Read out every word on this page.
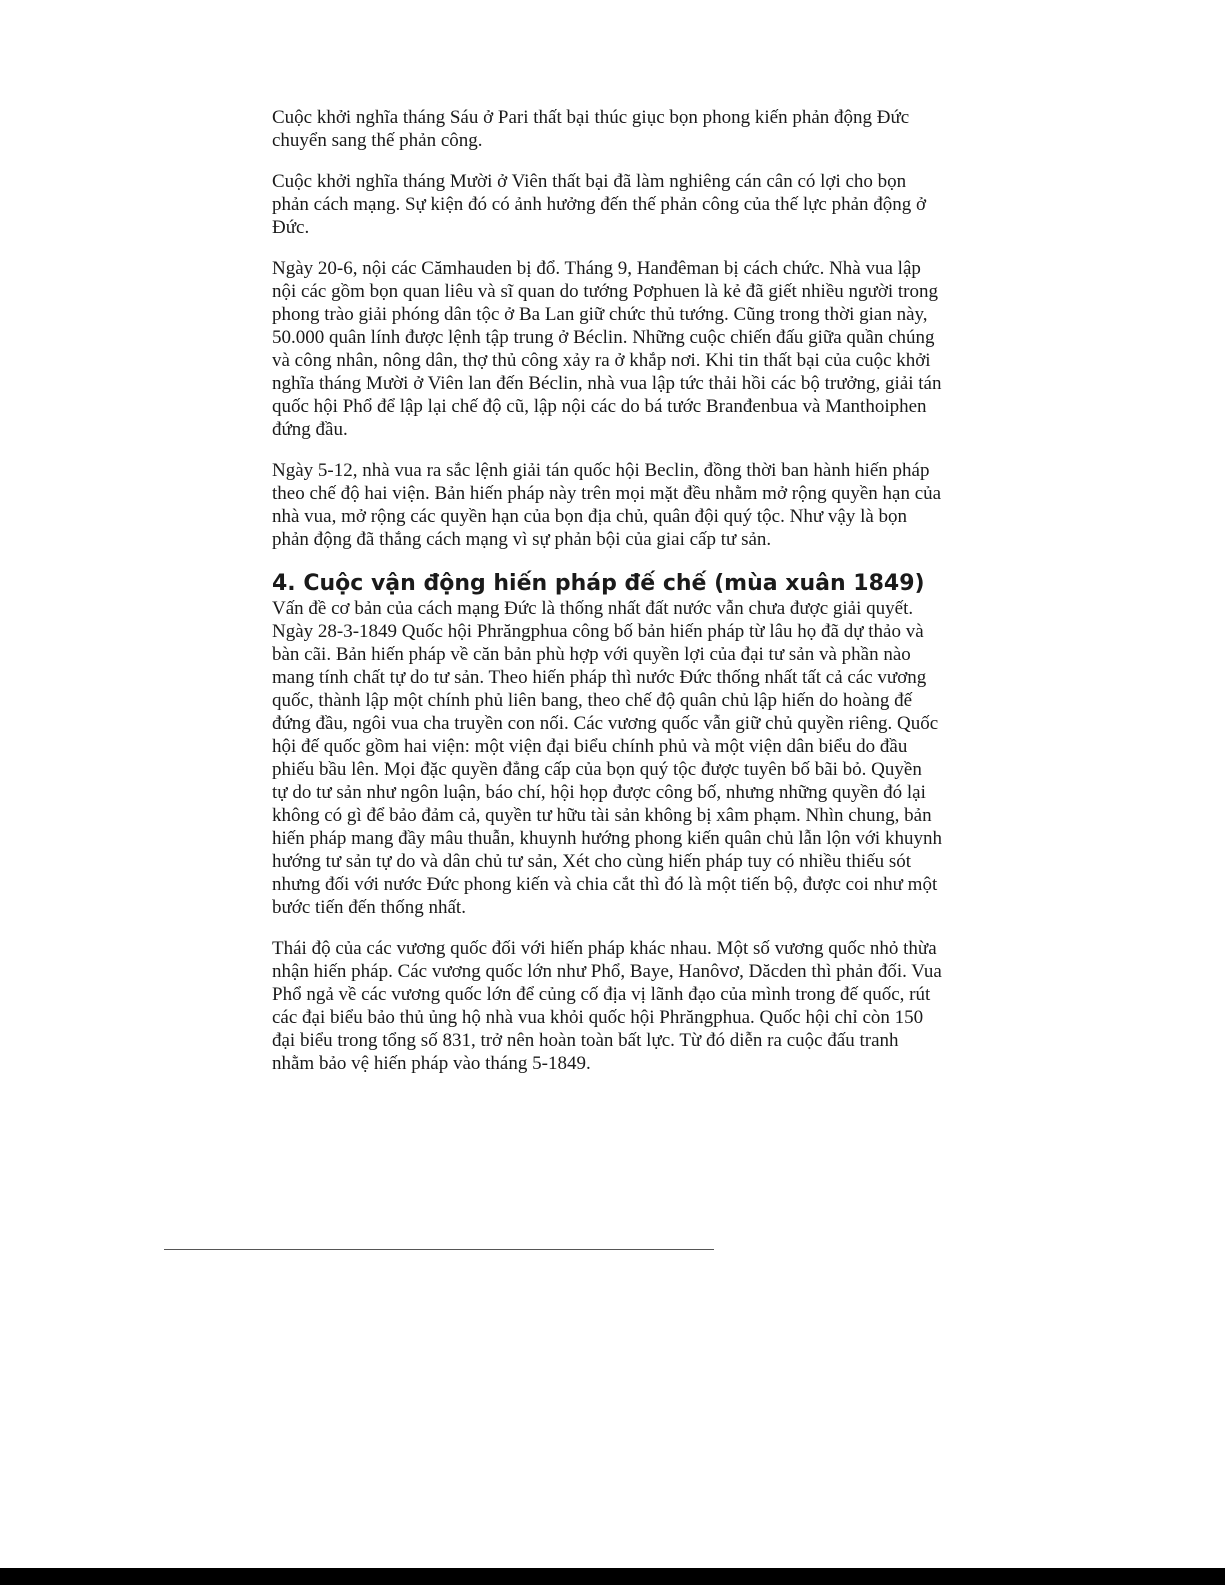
Cuộc khởi nghĩa tháng Sáu ở Pari thất bại thúc giục bọn phong kiến phản động Đức chuyển sang thế phản công.

Cuộc khởi nghĩa tháng Mười ở Viên thất bại đã làm nghiêng cán cân có lợi cho bọn phản cách mạng. Sự kiện đó có ảnh hưởng đến thế phản công của thế lực phản động ở Đức.

Ngày 20-6, nội các Cămhauden bị đổ. Tháng 9, Hanđêman bị cách chức. Nhà vua lập nội các gồm bọn quan liêu và sĩ quan do tướng Pơphuen là kẻ đã giết nhiều người trong phong trào giải phóng dân tộc ở Ba Lan giữ chức thủ tướng. Cũng trong thời gian này, 50.000 quân lính được lệnh tập trung ở Béclin. Những cuộc chiến đấu giữa quần chúng và công nhân, nông dân, thợ thủ công xảy ra ở khắp nơi. Khi tin thất bại của cuộc khởi nghĩa tháng Mười ở Viên lan đến Béclin, nhà vua lập tức thải hồi các bộ trưởng, giải tán quốc hội Phổ để lập lại chế độ cũ, lập nội các do bá tước Branđenbua và Manthoiphen đứng đầu.

Ngày 5-12, nhà vua ra sắc lệnh giải tán quốc hội Beclin, đồng thời ban hành hiến pháp theo chế độ hai viện. Bản hiến pháp này trên mọi mặt đều nhằm mở rộng quyền hạn của nhà vua, mở rộng các quyền hạn của bọn địa chủ, quân đội quý tộc. Như vậy là bọn phản động đã thắng cách mạng vì sự phản bội của giai cấp tư sản.

4. Cuộc vận động hiến pháp đế chế (mùa xuân 1849)

Vấn đề cơ bản của cách mạng Đức là thống nhất đất nước vẫn chưa được giải quyết. Ngày 28-3-1849 Quốc hội Phrăngphua công bố bản hiến pháp từ lâu họ đã dự thảo và bàn cãi. Bản hiến pháp về căn bản phù hợp với quyền lợi của đại tư sản và phần nào mang tính chất tự do tư sản. Theo hiến pháp thì nước Đức thống nhất tất cả các vương quốc, thành lập một chính phủ liên bang, theo chế độ quân chủ lập hiến do hoàng đế đứng đầu, ngôi vua cha truyền con nối. Các vương quốc vẫn giữ chủ quyền riêng. Quốc hội đế quốc gồm hai viện: một viện đại biểu chính phủ và một viện dân biểu do đầu phiếu bầu lên. Mọi đặc quyền đẳng cấp của bọn quý tộc được tuyên bố bãi bỏ. Quyền tự do tư sản như ngôn luận, báo chí, hội họp được công bố, nhưng những quyền đó lại không có gì để bảo đảm cả, quyền tư hữu tài sản không bị xâm phạm. Nhìn chung, bản hiến pháp mang đầy mâu thuẫn, khuynh hướng phong kiến quân chủ lẫn lộn với khuynh hướng tư sản tự do và dân chủ tư sản, Xét cho cùng hiến pháp tuy có nhiều thiếu sót nhưng đối với nước Đức phong kiến và chia cắt thì đó là một tiến bộ, được coi như một bước tiến đến thống nhất.

Thái độ của các vương quốc đối với hiến pháp khác nhau. Một số vương quốc nhỏ thừa nhận hiến pháp. Các vương quốc lớn như Phổ, Baye, Hanôvơ, Dăcden thì phản đối. Vua Phổ ngả về các vương quốc lớn để củng cố địa vị lãnh đạo của mình trong đế quốc, rút các đại biểu bảo thủ ủng hộ nhà vua khỏi quốc hội Phrăngphua. Quốc hội chỉ còn 150 đại biểu trong tổng số 831, trở nên hoàn toàn bất lực. Từ đó diễn ra cuộc đấu tranh nhằm bảo vệ hiến pháp vào tháng 5-1849.
